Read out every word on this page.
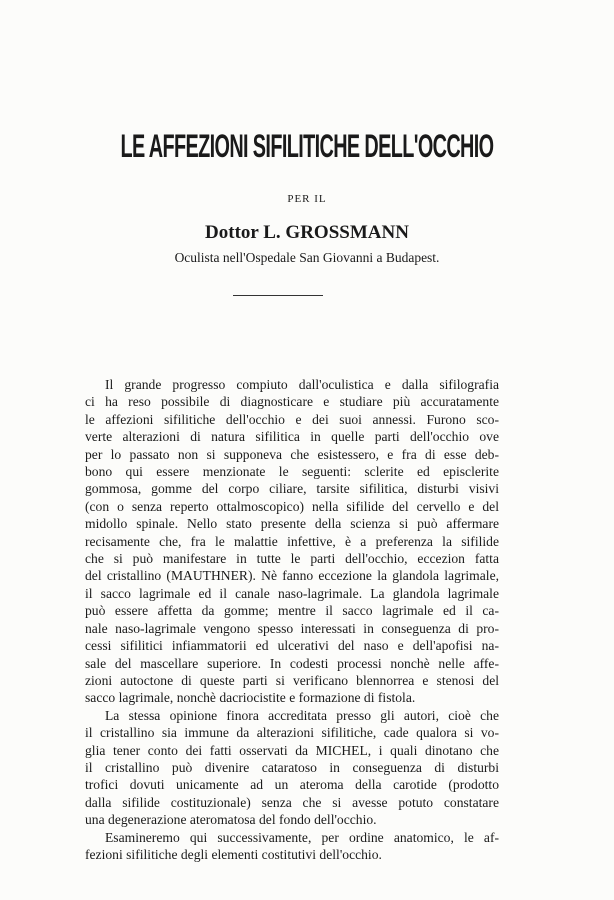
LE AFFEZIONI SIFILITICHE DELL'OCCHIO
PER IL
Dottor L. GROSSMANN
Oculista nell'Ospedale San Giovanni a Budapest.
Il grande progresso compiuto dall'oculistica e dalla sifilografia
ci ha reso possibile di diagnosticare e studiare più accuratamente
le affezioni sifilitiche dell'occhio e dei suoi annessi. Furono sco-
verte alterazioni di natura sifilitica in quelle parti dell'occhio ove
per lo passato non si supponeva che esistessero, e fra di esse deb-
bono qui essere menzionate le seguenti: sclerite ed episclerite
gommosa, gomme del corpo ciliare, tarsite sifilitica, disturbi visivi
(con o senza reperto ottalmoscopico) nella sifilide del cervello e del
midollo spinale. Nello stato presente della scienza si può affermare
recisamente che, fra le malattie infettive, è a preferenza la sifilide
che si può manifestare in tutte le parti dell'occhio, eccezion fatta
del cristallino (MAUTHNER). Nè fanno eccezione la glandola lagrimale,
il sacco lagrimale ed il canale naso-lagrimale. La glandola lagrimale
può essere affetta da gomme; mentre il sacco lagrimale ed il ca-
nale naso-lagrimale vengono spesso interessati in conseguenza di pro-
cessi sifilitici infiammatorii ed ulcerativi del naso e dell'apofisi na-
sale del mascellare superiore. In codesti processi nonchè nelle affe-
zioni autoctone di queste parti si verificano blennorrea e stenosi del
sacco lagrimale, nonchè dacriocistite e formazione di fistola.
La stessa opinione finora accreditata presso gli autori, cioè che
il cristallino sia immune da alterazioni sifilitiche, cade qualora si vo-
glia tener conto dei fatti osservati da MICHEL, i quali dinotano che
il cristallino può divenire cataratoso in conseguenza di disturbi
trofici dovuti unicamente ad un ateroma della carotide (prodotto
dalla sifilide costituzionale) senza che si avesse potuto constatare
una degenerazione ateromatosa del fondo dell'occhio.
Esamineremo qui successivamente, per ordine anatomico, le af-
fezioni sifilitiche degli elementi costitutivi dell'occhio.
